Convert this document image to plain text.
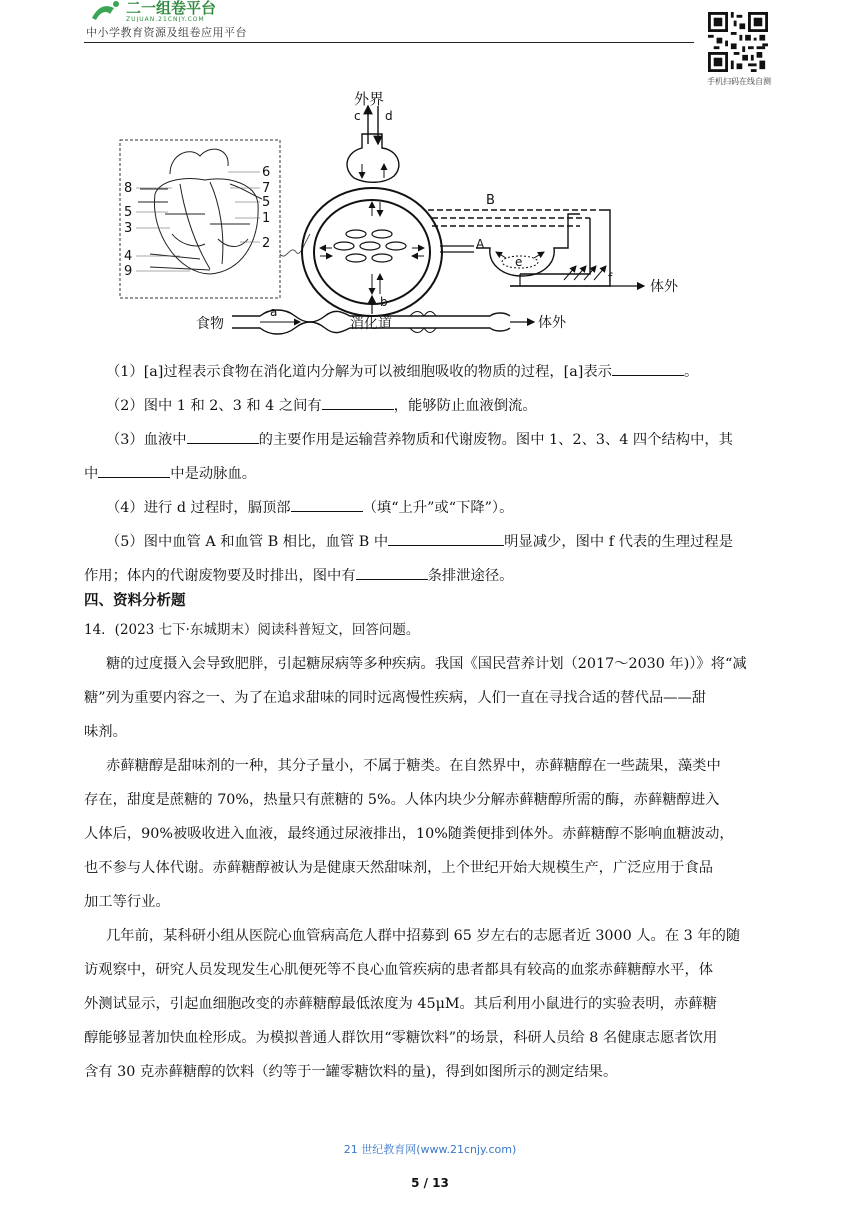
二一组卷平台
ZUJUAN.21CNJY.COM
中小学教育资源及组卷应用平台
手机扫码在线自测
6
7
5
1
2
8
5
3
4
9
外界
c d
B
A
e
f
体外
食物
a
消化道
b
体外
（1）[a]过程表示食物在消化道内分解为可以被细胞吸收的物质的过程，[a]表示	。
（2）图中 1 和 2、3 和 4 之间有	，能够防止血液倒流。
（3）血液中	的主要作用是运输营养物质和代谢废物。图中 1、2、3、4 四个结构中，其
中	中是动脉血。
（4）进行 d 过程时，膈顶部	（填“上升”或“下降”）。
（5）图中血管 A 和血管 B 相比，血管 B 中	明显减少，图中 f 代表的生理过程是
作用；体内的代谢废物要及时排出，图中有	条排泄途径。
四、资料分析题
14．(2023 七下·东城期末）阅读科普短文，回答问题。
糖的过度摄入会导致肥胖，引起糖尿病等多种疾病。我国《国民营养计划（2017～2030 年)）》将“减
糖”列为重要内容之一、为了在追求甜味的同时远离慢性疾病，人们一直在寻找合适的替代品——甜
味剂。
赤藓糖醇是甜味剂的一种，其分子量小，不属于糖类。在自然界中，赤藓糖醇在一些蔬果，藻类中
存在，甜度是蔗糖的 70%，热量只有蔗糖的 5%。人体内块少分解赤藓糖醇所需的酶，赤藓糖醇进入
人体后，90%被吸收进入血液，最终通过尿液排出，10%随粪便排到体外。赤藓糖醇不影响血糖波动，
也不参与人体代谢。赤藓糖醇被认为是健康天然甜味剂，上个世纪开始大规模生产，广泛应用于食品
加工等行业。
几年前，某科研小组从医院心血管病高危人群中招募到 65 岁左右的志愿者近 3000 人。在 3 年的随
访观察中，研究人员发现发生心肌便死等不良心血管疾病的患者都具有较高的血浆赤藓糖醇水平，体
外测试显示，引起血细胞改变的赤藓糖醇最低浓度为 45μM。其后利用小鼠进行的实验表明，赤藓糖
醇能够显著加快血栓形成。为模拟普通人群饮用“零糖饮料”的场景，科研人员给 8 名健康志愿者饮用
含有 30 克赤藓糖醇的饮料（约等于一罐零糖饮料的量)，得到如图所示的测定结果。
21 世纪教育网(www.21cnjy.com)
5 / 13
